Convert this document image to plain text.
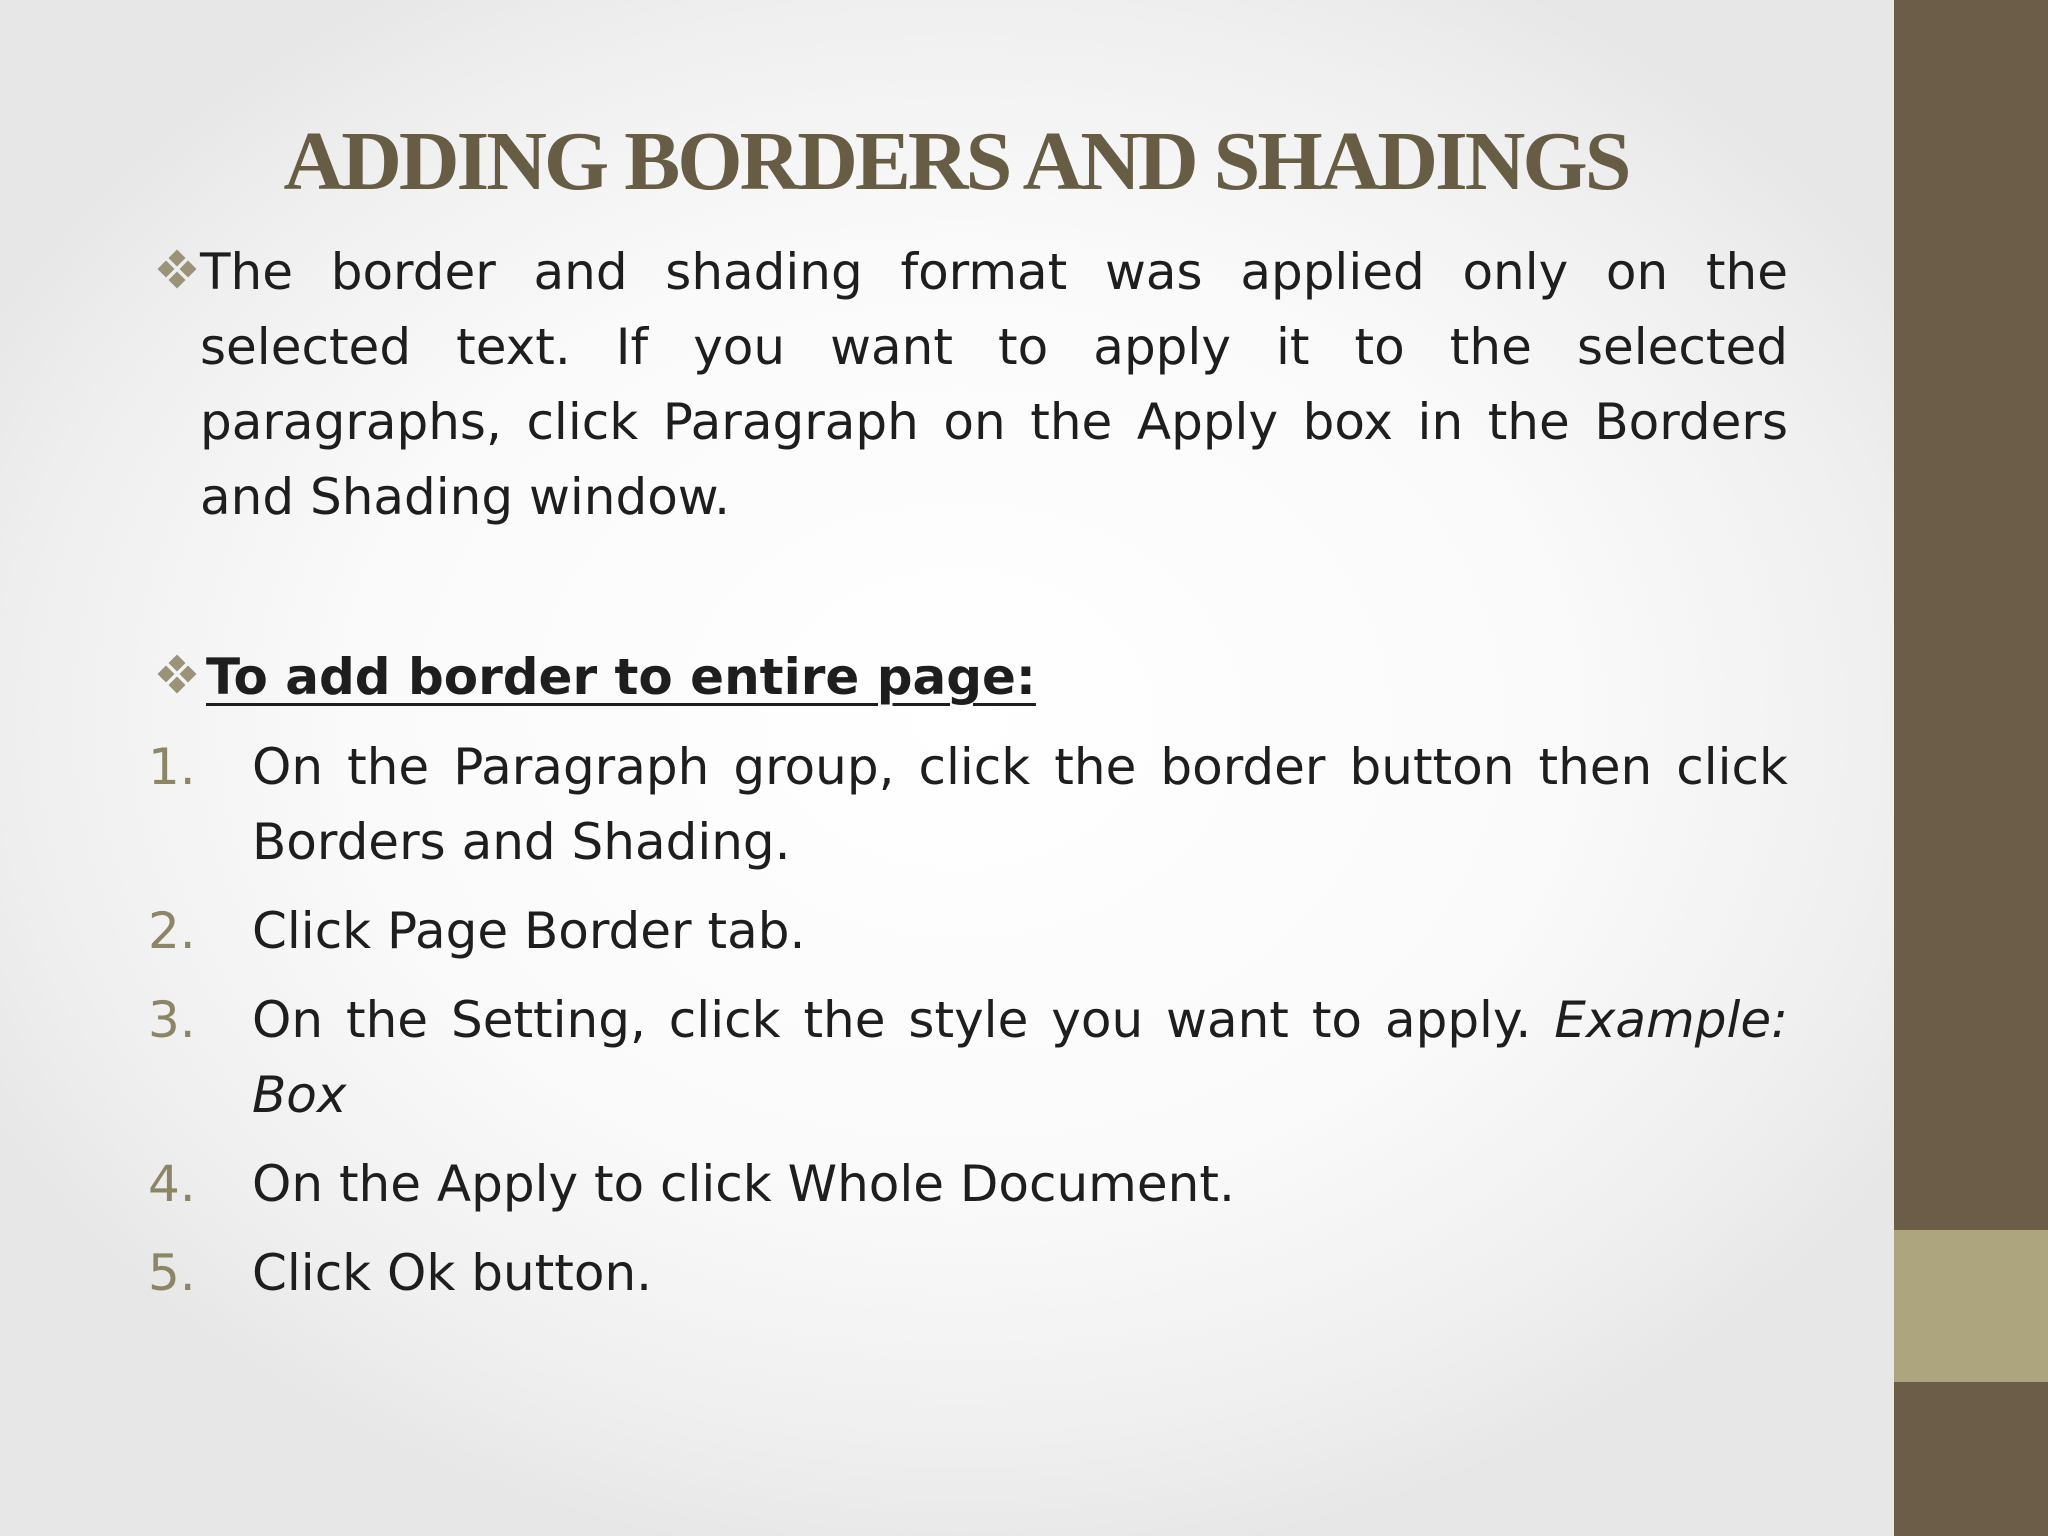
ADDING BORDERS AND SHADINGS

The border and shading format was applied only on the selected text. If you want to apply it to the selected paragraphs, click Paragraph on the Apply box in the Borders and Shading window.

To add border to entire page:
1. On the Paragraph group, click the border button then click Borders and Shading.
2. Click Page Border tab.
3. On the Setting, click the style you want to apply. Example: Box
4. On the Apply to click Whole Document.
5. Click Ok button.
